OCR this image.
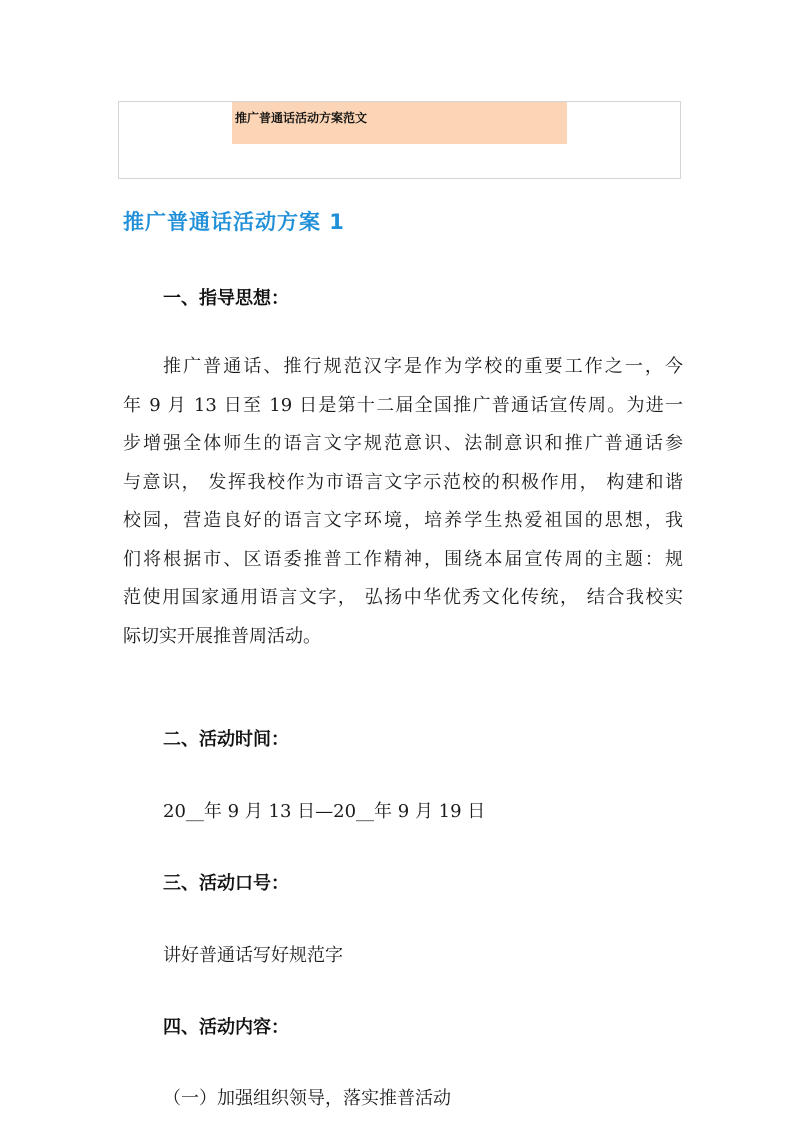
推广普通话活动方案范文
推广普通话活动方案 1
一、指导思想：
推广普通话、推行规范汉字是作为学校的重要工作之一，今
年 9 月 13 日至 19 日是第十二届全国推广普通话宣传周。为进一
步增强全体师生的语言文字规范意识、法制意识和推广普通话参
与意识， 发挥我校作为市语言文字示范校的积极作用， 构建和谐
校园，营造良好的语言文字环境，培养学生热爱祖国的思想，我
们将根据市、区语委推普工作精神，围绕本届宣传周的主题：规
范使用国家通用语言文字， 弘扬中华优秀文化传统， 结合我校实
际切实开展推普周活动。
二、活动时间：
20__年 9 月 13 日—20__年 9 月 19 日
三、活动口号：
讲好普通话写好规范字
四、活动内容：
（一）加强组织领导，落实推普活动
